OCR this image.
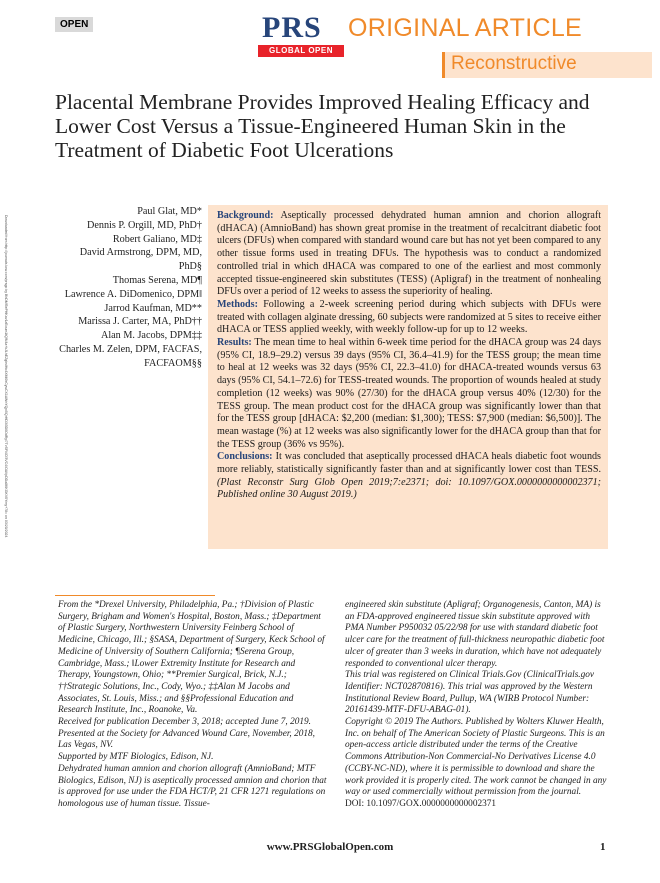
OPEN	PRS
GLOBAL OPEN
ORIGINAL ARTICLE
Reconstructive
Downloaded from http://journals.lww.com/prsgo by BhDMf5ePHKav1zEoum1tQfN4a+kJLhEZgbsIHo4XMi0hCywCX1AWnYQp/IlQrHD3i3D0OdRyi7TvSFl4Cf3VC4/OAVpDDa8KKGKV0Ymy+78= on 03/20/2024
Placental Membrane Provides Improved Healing Efficacy and Lower Cost Versus a Tissue-Engineered Human Skin in the Treatment of Diabetic Foot Ulcerations
Paul Glat, MD*
Dennis P. Orgill, MD, PhD†
Robert Galiano, MD‡
David Armstrong, DPM, MD,
PhD§
Thomas Serena, MD¶
Lawrence A. DiDomenico, DPM‖
Jarrod Kaufman, MD**
Marissa J. Carter, MA, PhD††
Alan M. Jacobs, DPM‡‡
Charles M. Zelen, DPM, FACFAS,
FACFAOM§§

Background: Aseptically processed dehydrated human amnion and chorion allograft (dHACA) (AmnioBand) has shown great promise in the treatment of recalcitrant diabetic foot ulcers (DFUs) when compared with standard wound care but has not yet been compared to any other tissue forms used in treating DFUs. The hypothesis was to conduct a randomized controlled trial in which dHACA was compared to one of the earliest and most commonly accepted tissue-engineered skin substitutes (TESS) (Apligraf) in the treatment of nonhealing DFUs over a period of 12 weeks to assess the superiority of healing.

Methods: Following a 2-week screening period during which subjects with DFUs were treated with collagen alginate dressing, 60 subjects were randomized at 5 sites to receive either dHACA or TESS applied weekly, with weekly follow-up for up to 12 weeks.

Results: The mean time to heal within 6-week time period for the dHACA group was 24 days (95% CI, 18.9–29.2) versus 39 days (95% CI, 36.4–41.9) for the TESS group; the mean time to heal at 12 weeks was 32 days (95% CI, 22.3–41.0) for dHACA-treated wounds versus 63 days (95% CI, 54.1–72.6) for TESS-treated wounds. The proportion of wounds healed at study completion (12 weeks) was 90% (27/30) for the dHACA group versus 40% (12/30) for the TESS group. The mean product cost for the dHACA group was significantly lower than that for the TESS group [dHACA: $2,200 (median: $1,300); TESS: $7,900 (median: $6,500)]. The mean wastage (%) at 12 weeks was also significantly lower for the dHACA group than that for the TESS group (36% vs 95%).

Conclusions: It was concluded that aseptically processed dHACA heals diabetic foot wounds more reliably, statistically significantly faster than and at significantly lower cost than TESS. (Plast Reconstr Surg Glob Open 2019;7:e2371; doi: 10.1097/GOX.0000000000002371; Published online 30 August 2019.)

From the *Drexel University, Philadelphia, Pa.; †Division of Plastic Surgery, Brigham and Women's Hospital, Boston, Mass.; ‡Department of Plastic Surgery, Northwestern University Feinberg School of Medicine, Chicago, Ill.; §SASA, Department of Surgery, Keck School of Medicine of University of Southern California; ¶Serena Group, Cambridge, Mass.; ‖Lower Extremity Institute for Research and Therapy, Youngstown, Ohio; **Premier Surgical, Brick, N.J.; ††Strategic Solutions, Inc., Cody, Wyo.; ‡‡Alan M Jacobs and Associates, St. Louis, Miss.; and §§Professional Education and Research Institute, Inc., Roanoke, Va.

Received for publication December 3, 2018; accepted June 7, 2019.

Presented at the Society for Advanced Wound Care, November, 2018, Las Vegas, NV.

Supported by MTF Biologics, Edison, NJ.

Dehydrated human amnion and chorion allograft (AmnioBand; MTF Biologics, Edison, NJ) is aseptically processed amnion and chorion that is approved for use under the FDA HCT/P, 21 CFR 1271 regulations on homologous use of human tissue. Tissue-

engineered skin substitute (Apligraf; Organogenesis, Canton, MA) is an FDA-approved engineered tissue skin substitute approved with PMA Number P950032 05/22/98 for use with standard diabetic foot ulcer care for the treatment of full-thickness neuropathic diabetic foot ulcer of greater than 3 weeks in duration, which have not adequately responded to conventional ulcer therapy.

This trial was registered on Clinical Trials.Gov (ClinicalTrials.gov Identifier: NCT02870816). This trial was approved by the Western Institutional Review Board, Pullup, WA (WIRB Protocol Number: 20161439-MTF-DFU-ABAG-01).

Copyright © 2019 The Authors. Published by Wolters Kluwer Health, Inc. on behalf of The American Society of Plastic Surgeons. This is an open-access article distributed under the terms of the Creative Commons Attribution-Non Commercial-No Derivatives License 4.0 (CCBY-NC-ND), where it is permissible to download and share the work provided it is properly cited. The work cannot be changed in any way or used commercially without permission from the journal.

DOI: 10.1097/GOX.0000000000002371

www.PRSGlobalOpen.com	1
